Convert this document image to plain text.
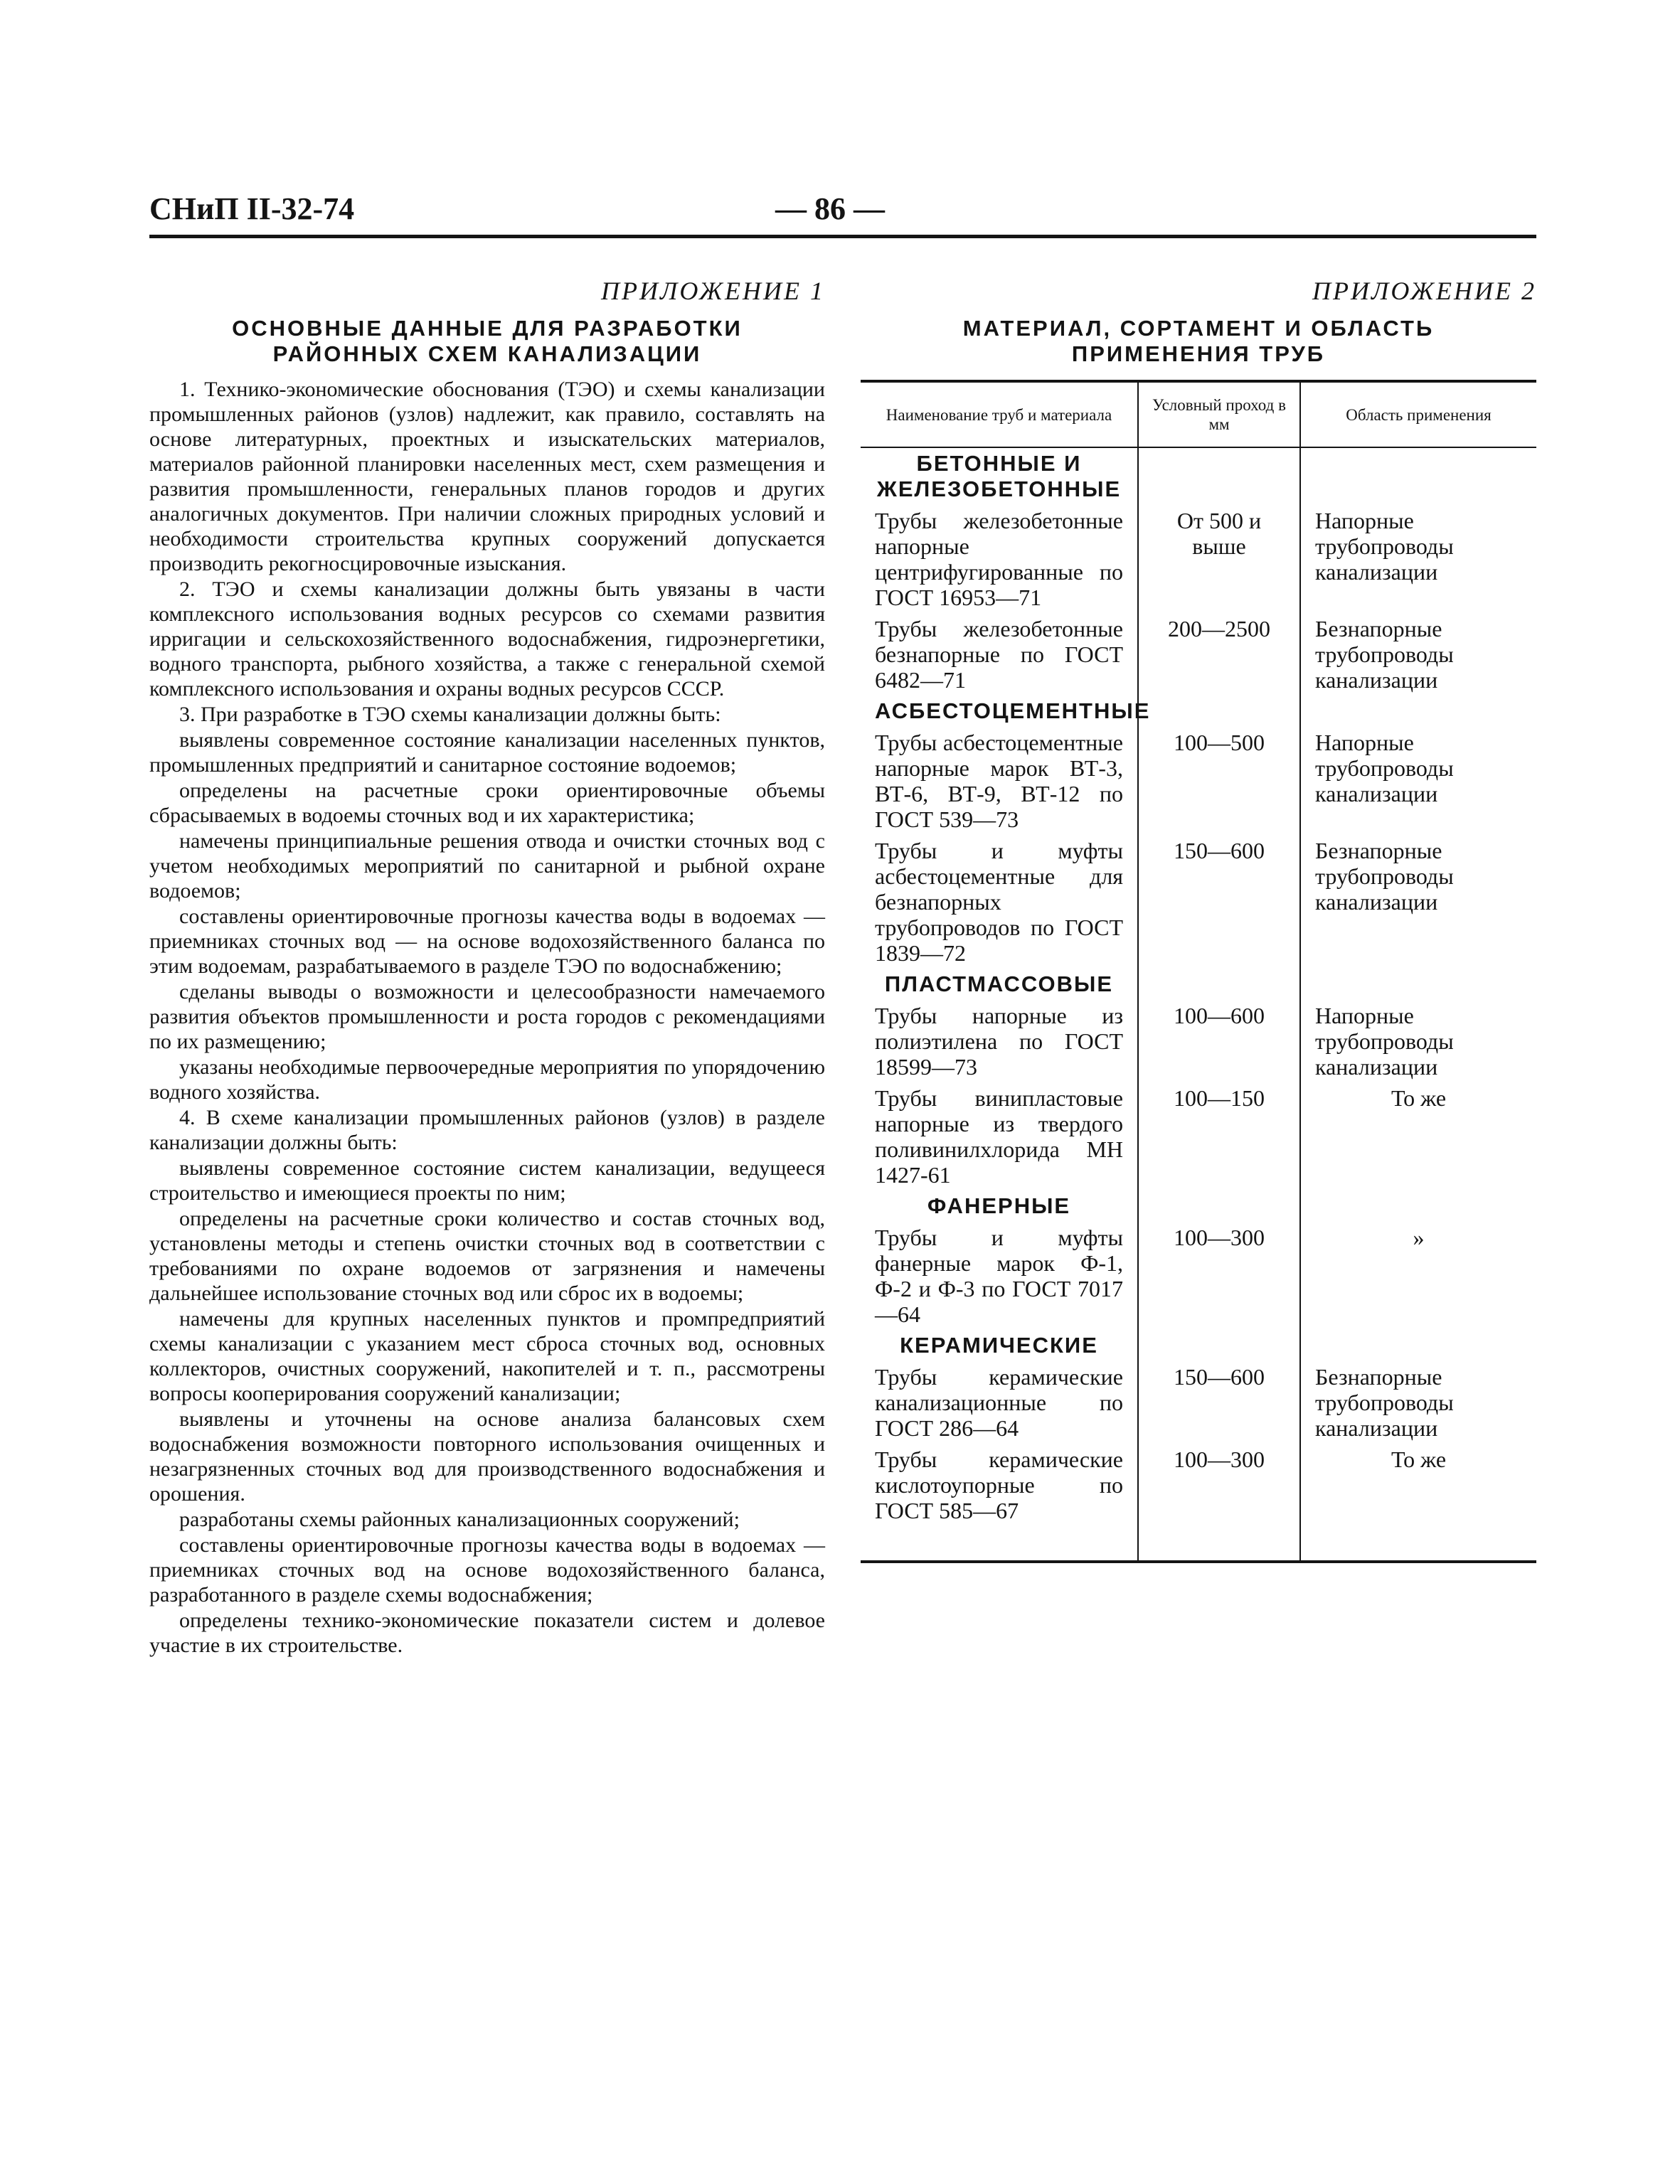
СНиП II-32-74	— 86 —

ПРИЛОЖЕНИЕ 1

ОСНОВНЫЕ ДАННЫЕ ДЛЯ РАЗРАБОТКИ
РАЙОННЫХ СХЕМ КАНАЛИЗАЦИИ

1. Технико-экономические обоснования (ТЭО) и схемы канализации промышленных районов (узлов) надлежит, как правило, составлять на основе литературных, проектных и изыскательских материалов, материалов районной планировки населенных мест, схем размещения и развития промышленности, генеральных планов городов и других аналогичных документов. При наличии сложных природных условий и необходимости строительства крупных сооружений допускается производить рекогносцировочные изыскания.

2. ТЭО и схемы канализации должны быть увязаны в части комплексного использования водных ресурсов со схемами развития ирригации и сельскохозяйственного водоснабжения, гидроэнергетики, водного транспорта, рыбного хозяйства, а также с генеральной схемой комплексного использования и охраны водных ресурсов СССР.

3. При разработке в ТЭО схемы канализации должны быть:

выявлены современное состояние канализации населенных пунктов, промышленных предприятий и санитарное состояние водоемов;

определены на расчетные сроки ориентировочные объемы сбрасываемых в водоемы сточных вод и их характеристика;

намечены принципиальные решения отвода и очистки сточных вод с учетом необходимых мероприятий по санитарной и рыбной охране водоемов;

составлены ориентировочные прогнозы качества воды в водоемах — приемниках сточных вод — на основе водохозяйственного баланса по этим водоемам, разрабатываемого в разделе ТЭО по водоснабжению;

сделаны выводы о возможности и целесообразности намечаемого развития объектов промышленности и роста городов с рекомендациями по их размещению;

указаны необходимые первоочередные мероприятия по упорядочению водного хозяйства.

4. В схеме канализации промышленных районов (узлов) в разделе канализации должны быть:

выявлены современное состояние систем канализации, ведущееся строительство и имеющиеся проекты по ним;

определены на расчетные сроки количество и состав сточных вод, установлены методы и степень очистки сточных вод в соответствии с требованиями по охране водоемов от загрязнения и намечены дальнейшее использование сточных вод или сброс их в водоемы;

намечены для крупных населенных пунктов и промпредприятий схемы канализации с указанием мест сброса сточных вод, основных коллекторов, очистных сооружений, накопителей и т. п., рассмотрены вопросы кооперирования сооружений канализации;

выявлены и уточнены на основе анализа балансовых схем водоснабжения возможности повторного использования очищенных и незагрязненных сточных вод для производственного водоснабжения и орошения.

разработаны схемы районных канализационных сооружений;

составлены ориентировочные прогнозы качества воды в водоемах — приемниках сточных вод на основе водохозяйственного баланса, разработанного в разделе схемы водоснабжения;

определены технико-экономические показатели систем и долевое участие в их строительстве.

ПРИЛОЖЕНИЕ 2

МАТЕРИАЛ, СОРТАМЕНТ И ОБЛАСТЬ
ПРИМЕНЕНИЯ ТРУБ
Наименование труб и материала	Условный проход в мм	Область применения
БЕТОННЫЕ И ЖЕЛЕЗОБЕТОННЫЕ		
Трубы железобетонные напорные центрифугированные по ГОСТ 16953—71	От 500 и выше	Напорные трубопроводы канализации
Трубы железобетонные безнапорные по ГОСТ 6482—71	200—2500	Безнапорные трубопроводы канализации
АСБЕСТОЦЕМЕНТНЫЕ		
Трубы асбестоцементные напорные марок ВТ-3, ВТ-6, ВТ-9, ВТ-12 по ГОСТ 539—73	100—500	Напорные трубопроводы канализации
Трубы и муфты асбестоцементные для безнапорных трубопроводов по ГОСТ 1839—72	150—600	Безнапорные трубопроводы канализации
ПЛАСТМАССОВЫЕ		
Трубы напорные из полиэтилена по ГОСТ 18599—73	100—600	Напорные трубопроводы канализации
Трубы винипластовые напорные из твердого поливинилхлорида МН 1427-61	100—150	То же
ФАНЕРНЫЕ		
Трубы и муфты фанерные марок Ф-1, Ф-2 и Ф-3 по ГОСТ 7017—64	100—300	»
КЕРАМИЧЕСКИЕ		
Трубы керамические канализационные по ГОСТ 286—64	150—600	Безнапорные трубопроводы канализации
Трубы керамические кислотоупорные по ГОСТ 585—67	100—300	То же
